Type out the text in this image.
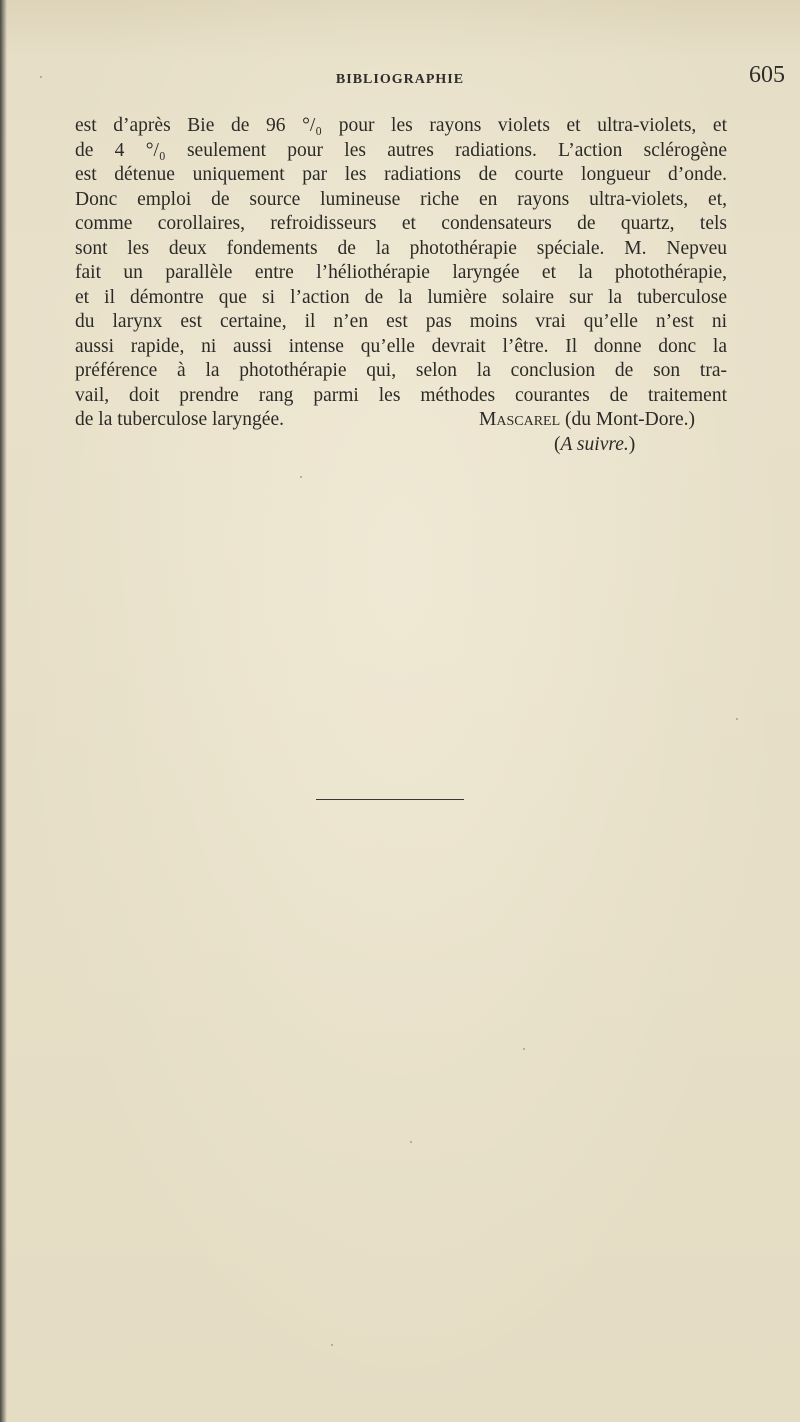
BIBLIOGRAPHIE	605
est d’après Bie de 96 °/₀ pour les rayons violets et ultra-violets, et
de 4 °/₀ seulement pour les autres radiations. L’action sclérogène
est détenue uniquement par les radiations de courte longueur d’onde.
Donc emploi de source lumineuse riche en rayons ultra-violets, et,
comme corollaires, refroidisseurs et condensateurs de quartz, tels
sont les deux fondements de la photothérapie spéciale. M. Nepveu
fait un parallèle entre l’héliothérapie laryngée et la photothérapie,
et il démontre que si l’action de la lumière solaire sur la tuberculose
du larynx est certaine, il n’en est pas moins vrai qu’elle n’est ni
aussi rapide, ni aussi intense qu’elle devrait l’être. Il donne donc la
préférence à la photothérapie qui, selon la conclusion de son tra-
vail, doit prendre rang parmi les méthodes courantes de traitement
de la tuberculose laryngée.	Mascarel (du Mont-Dore.)
(A suivre.)
